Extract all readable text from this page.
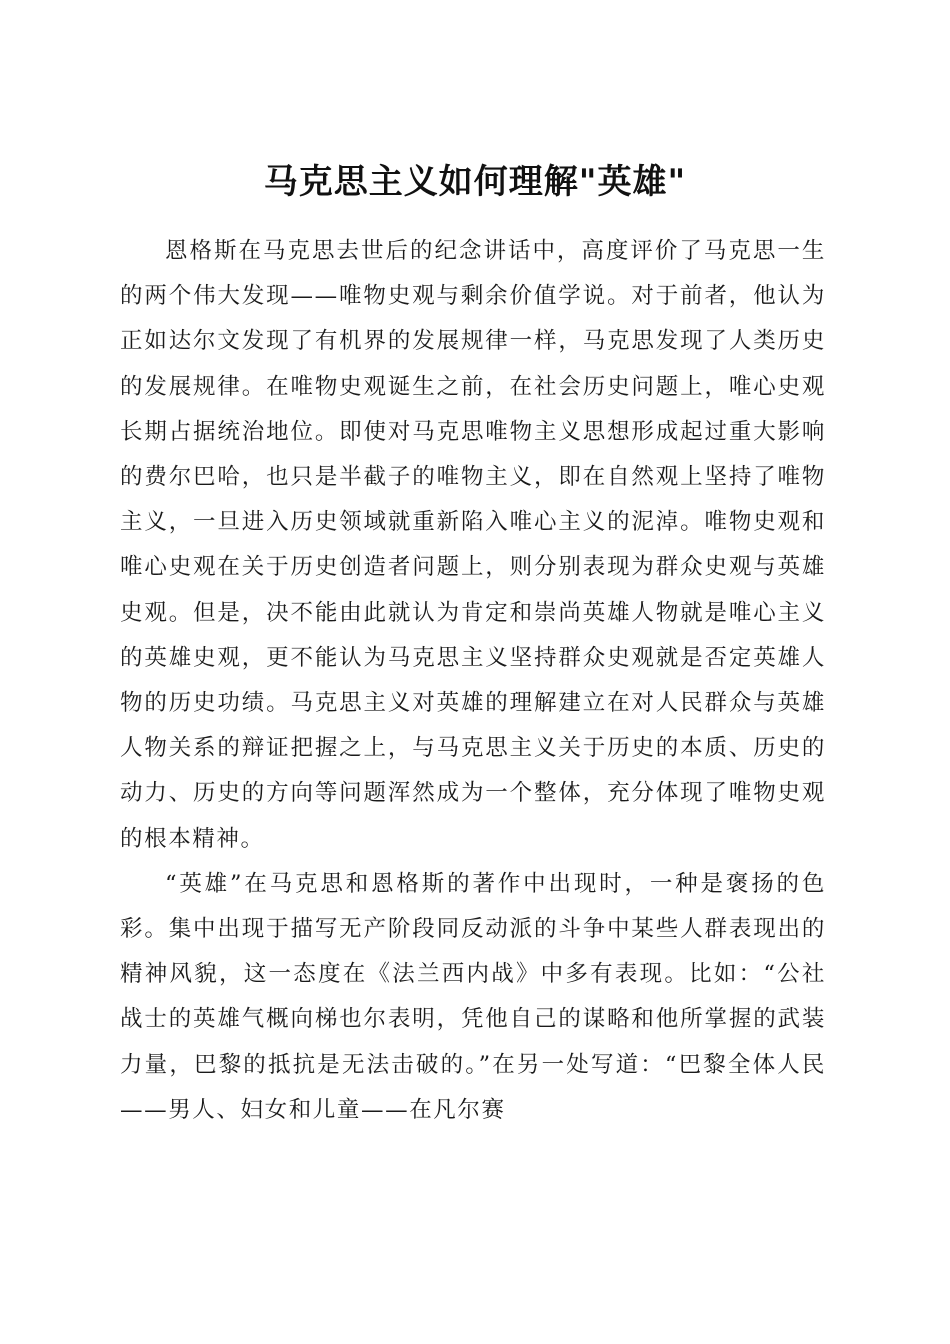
马克思主义如何理解"英雄"

恩格斯在马克思去世后的纪念讲话中，高度评价了马克思一生的两个伟大发现——唯物史观与剩余价值学说。对于前者，他认为正如达尔文发现了有机界的发展规律一样，马克思发现了人类历史的发展规律。在唯物史观诞生之前，在社会历史问题上，唯心史观长期占据统治地位。即使对马克思唯物主义思想形成起过重大影响的费尔巴哈，也只是半截子的唯物主义，即在自然观上坚持了唯物主义，一旦进入历史领域就重新陷入唯心主义的泥淖。唯物史观和唯心史观在关于历史创造者问题上，则分别表现为群众史观与英雄史观。但是，决不能由此就认为肯定和崇尚英雄人物就是唯心主义的英雄史观，更不能认为马克思主义坚持群众史观就是否定英雄人物的历史功绩。马克思主义对英雄的理解建立在对人民群众与英雄人物关系的辩证把握之上，与马克思主义关于历史的本质、历史的动力、历史的方向等问题浑然成为一个整体，充分体现了唯物史观的根本精神。

“英雄”在马克思和恩格斯的著作中出现时，一种是褒扬的色彩。集中出现于描写无产阶段同反动派的斗争中某些人群表现出的精神风貌，这一态度在《法兰西内战》中多有表现。比如：“公社战士的英雄气概向梯也尔表明，凭他自己的谋略和他所掌握的武装力量，巴黎的抵抗是无法击破的。”在另一处写道：“巴黎全体人民——男人、妇女和儿童——在凡尔赛
